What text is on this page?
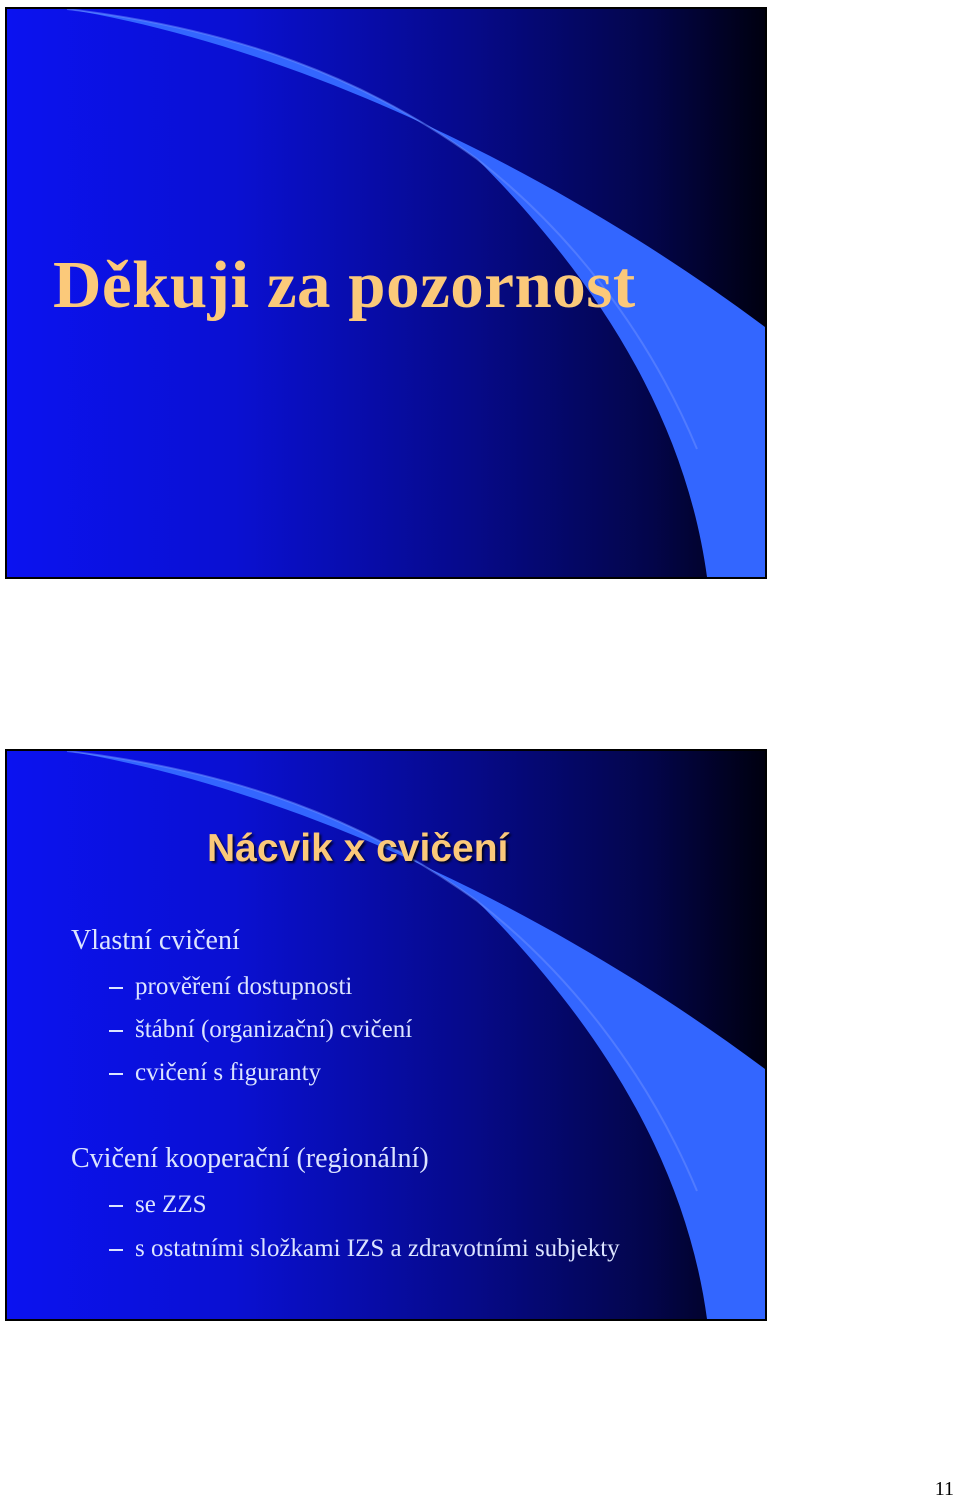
Děkuji za pozornost
Nácvik x cvičení

Vlastní cvičení

prověření dostupnosti

štábní (organizační) cvičení

cvičení s figuranty

Cvičení kooperační (regionální)

se ZZS

s ostatními složkami IZS a zdravotními subjekty

11
